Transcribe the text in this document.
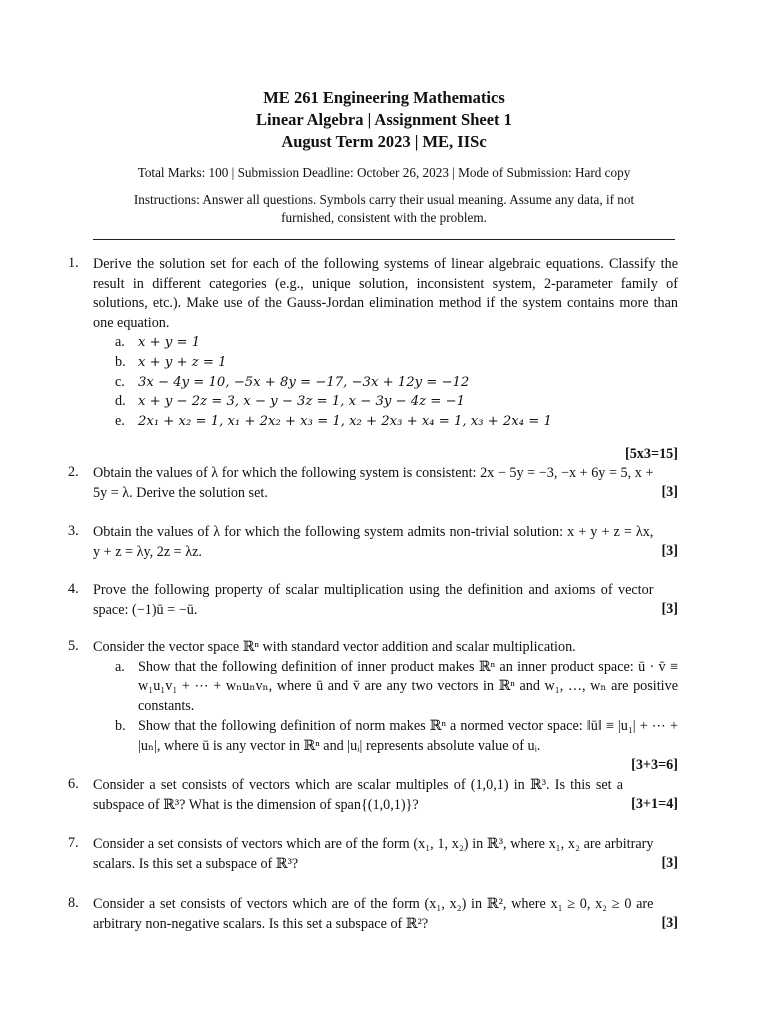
ME 261 Engineering Mathematics
Linear Algebra | Assignment Sheet 1
August Term 2023 | ME, IISc
Total Marks: 100 | Submission Deadline: October 26, 2023 | Mode of Submission: Hard copy
Instructions: Answer all questions. Symbols carry their usual meaning. Assume any data, if not furnished, consistent with the problem.
1.	Derive the solution set for each of the following systems of linear algebraic equations. Classify the result in different categories (e.g., unique solution, inconsistent system, 2-parameter family of solutions, etc.). Make use of the Gauss-Jordan elimination method if the system contains more than one equation.
a. x + y = 1
b. x + y + z = 1
c. 3x − 4y = 10, −5x + 8y = −17, −3x + 12y = −12
d. x + y − 2z = 3, x − y − 3z = 1, x − 3y − 4z = −1
e. 2x₁ + x₂ = 1, x₁ + 2x₂ + x₃ = 1, x₂ + 2x₃ + x₄ = 1, x₃ + 2x₄ = 1
[5x3=15]
2.
[3]
Obtain the values of λ for which the following system is consistent: 2x − 5y = −3, −x + 6y = 5, x + 5y = λ. Derive the solution set.
3.
[3]
Obtain the values of λ for which the following system admits non-trivial solution: x + y + z = λx, y + z = λy, 2z = λz.
4.
[3]
Prove the following property of scalar multiplication using the definition and axioms of vector space: (−1)ū = −ū.
5.	Consider the vector space ℝⁿ with standard vector addition and scalar multiplication.
a. Show that the following definition of inner product makes ℝⁿ an inner product space: ū · v̄ ≡ w₁u₁v₁ + ⋯ + wₙuₙvₙ, where ū and v̄ are any two vectors in ℝⁿ and w₁, …, wₙ are positive constants.
b. Show that the following definition of norm makes ℝⁿ a normed vector space: ‖ū‖ ≡ |u₁| + ⋯ + |uₙ|, where ū is any vector in ℝⁿ and |uᵢ| represents absolute value of uᵢ.
[3+3=6]
6.
[3+1=4]
Consider a set consists of vectors which are scalar multiples of (1,0,1) in ℝ³. Is this set a subspace of ℝ³? What is the dimension of span{(1,0,1)}?
7.
[3]
Consider a set consists of vectors which are of the form (x₁, 1, x₂) in ℝ³, where x₁, x₂ are arbitrary scalars. Is this set a subspace of ℝ³?
8.
[3]
Consider a set consists of vectors which are of the form (x₁, x₂) in ℝ², where x₁ ≥ 0, x₂ ≥ 0 are arbitrary non-negative scalars. Is this set a subspace of ℝ²?
